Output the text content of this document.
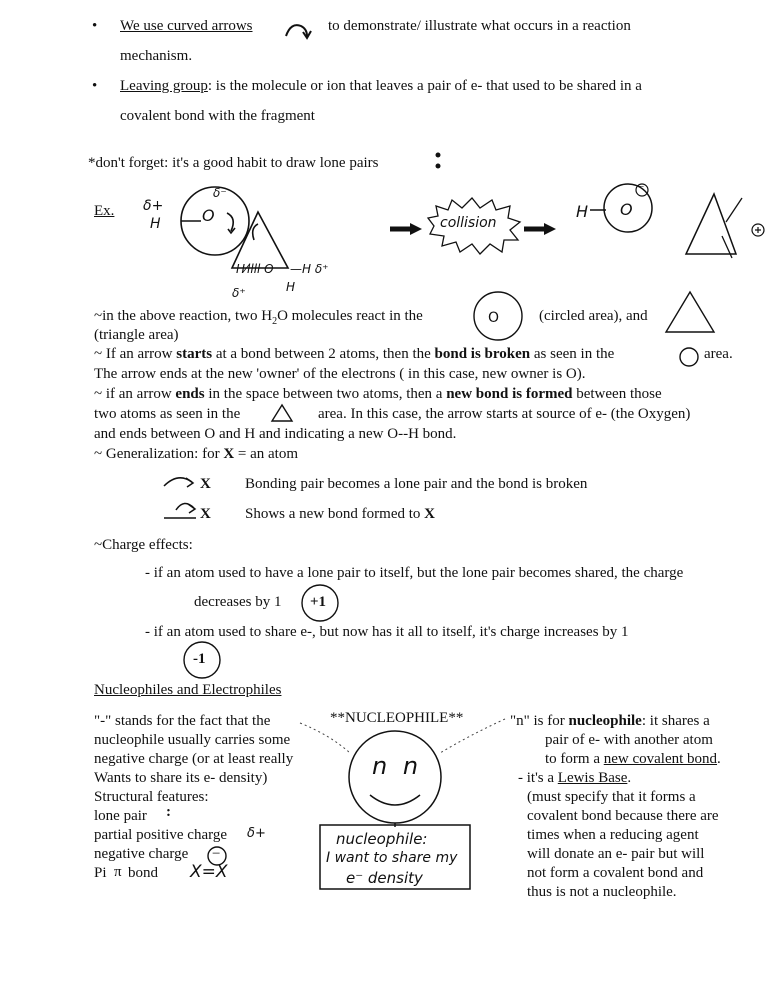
• We use curved arrows	to demonstrate/ illustrate what occurs in a reaction
mechanism.
• Leaving group: is the molecule or ion that leaves a pair of e- that used to be shared in a
covalent bond with the fragment
*don't forget: it's a good habit to draw lone pairs
Ex. δ+
H	O
δ⁻
H⁄llll O —H δ⁺
H
δ⁺
→ collision
H O
−
~in the above reaction, two $H_2O$ molecules react in the	O	(circled area), and
(triangle area)
~ If an arrow starts at a bond between 2 atoms, then the bond is broken as seen in the	area.
The arrow ends at the new 'owner' of the electrons ( in this case, new owner is O).
~ if an arrow ends in the space between two atoms, then a new bond is formed between those
two atoms as seen in the	area. In this case, the arrow starts at source of e- (the Oxygen)
and ends between O and H and indicating a new O--H bond.
~ Generalization: for X = an atom
X Bonding pair becomes a lone pair and the bond is broken
X Shows a new bond formed to X
~Charge effects:
- if an atom used to have a lone pair to itself, but the lone pair becomes shared, the charge
decreases by 1 +1
- if an atom used to share e-, but now has it all to itself, it's charge increases by 1
-1
Nucleophiles and Electrophiles
"-" stands for the fact that the
nucleophile usually carries some
negative charge (or at least really
Wants to share its e- density)
Structural features:
lone pair :
partial positive charge δ+
negative charge −
Pi π bond X=X
**NUCLEOPHILE**
n n
nucleophile:
I want to share my
e⁻ density
"n" is for nucleophile: it shares a
pair of e- with another atom
to form a new covalent bond.
- it's a Lewis Base.
(must specify that it forms a
covalent bond because there are
times when a reducing agent
will donate an e- pair but will
not form a covalent bond and
thus is not a nucleophile.
